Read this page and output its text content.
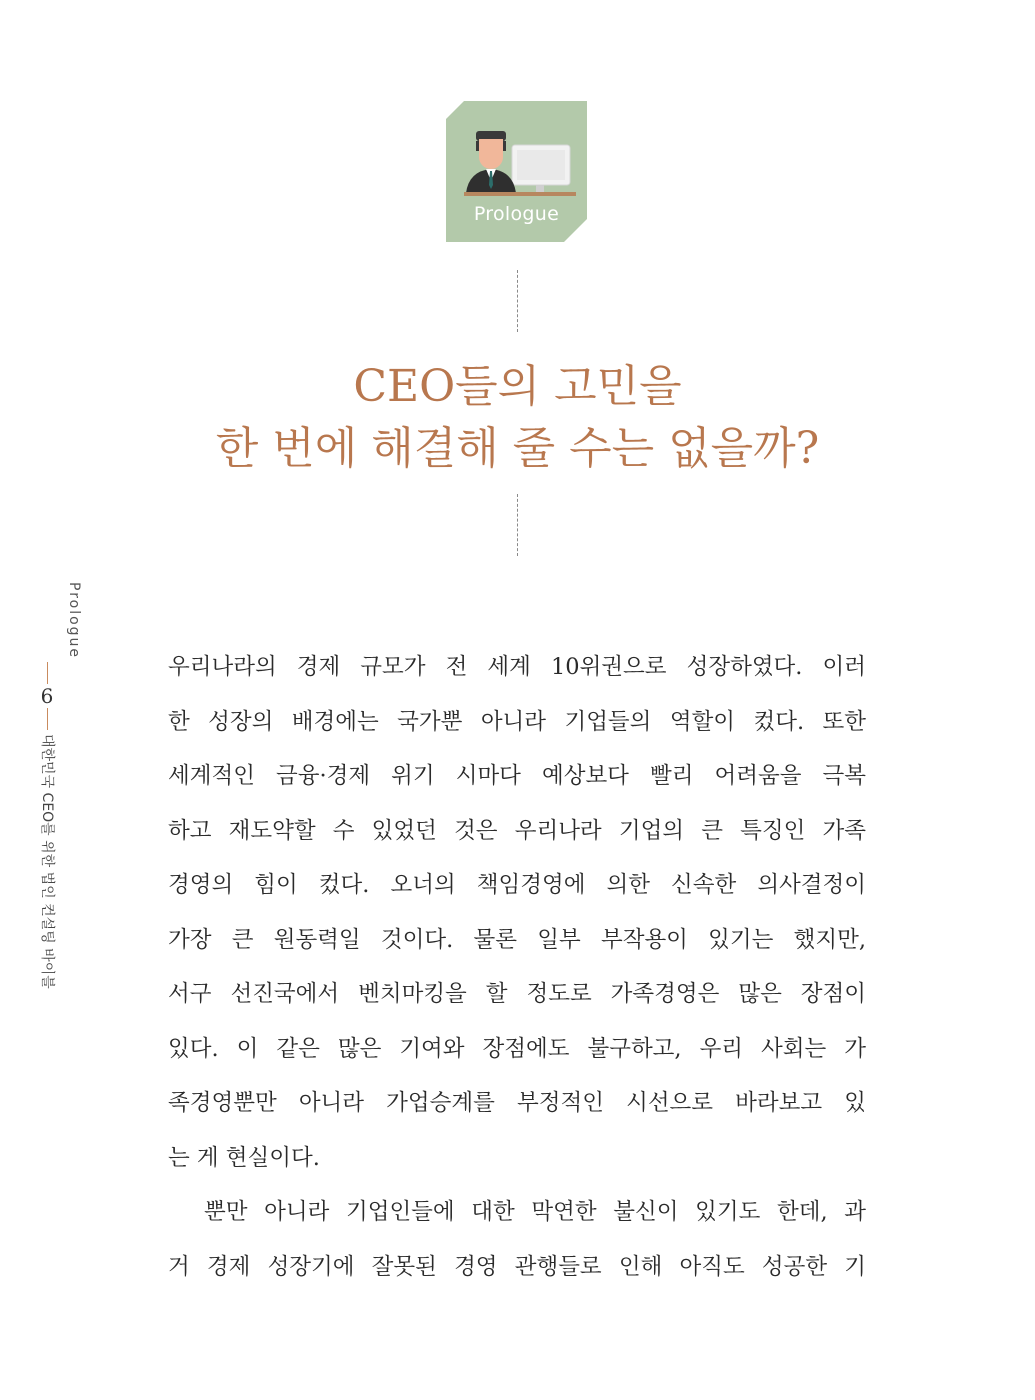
Prologue
CEO들의 고민을
한 번에 해결해 줄 수는 없을까?
Prologue
6
대한민국 CEO를 위한 법인 컨설팅 바이블
우리나라의 경제 규모가 전 세계 10위권으로 성장하였다. 이러
한 성장의 배경에는 국가뿐 아니라 기업들의 역할이 컸다. 또한
세계적인 금융·경제 위기 시마다 예상보다 빨리 어려움을 극복
하고 재도약할 수 있었던 것은 우리나라 기업의 큰 특징인 가족
경영의 힘이 컸다. 오너의 책임경영에 의한 신속한 의사결정이
가장 큰 원동력일 것이다. 물론 일부 부작용이 있기는 했지만,
서구 선진국에서 벤치마킹을 할 정도로 가족경영은 많은 장점이
있다. 이 같은 많은 기여와 장점에도 불구하고, 우리 사회는 가
족경영뿐만 아니라 가업승계를 부정적인 시선으로 바라보고 있
는 게 현실이다.
뿐만 아니라 기업인들에 대한 막연한 불신이 있기도 한데, 과
거 경제 성장기에 잘못된 경영 관행들로 인해 아직도 성공한 기
